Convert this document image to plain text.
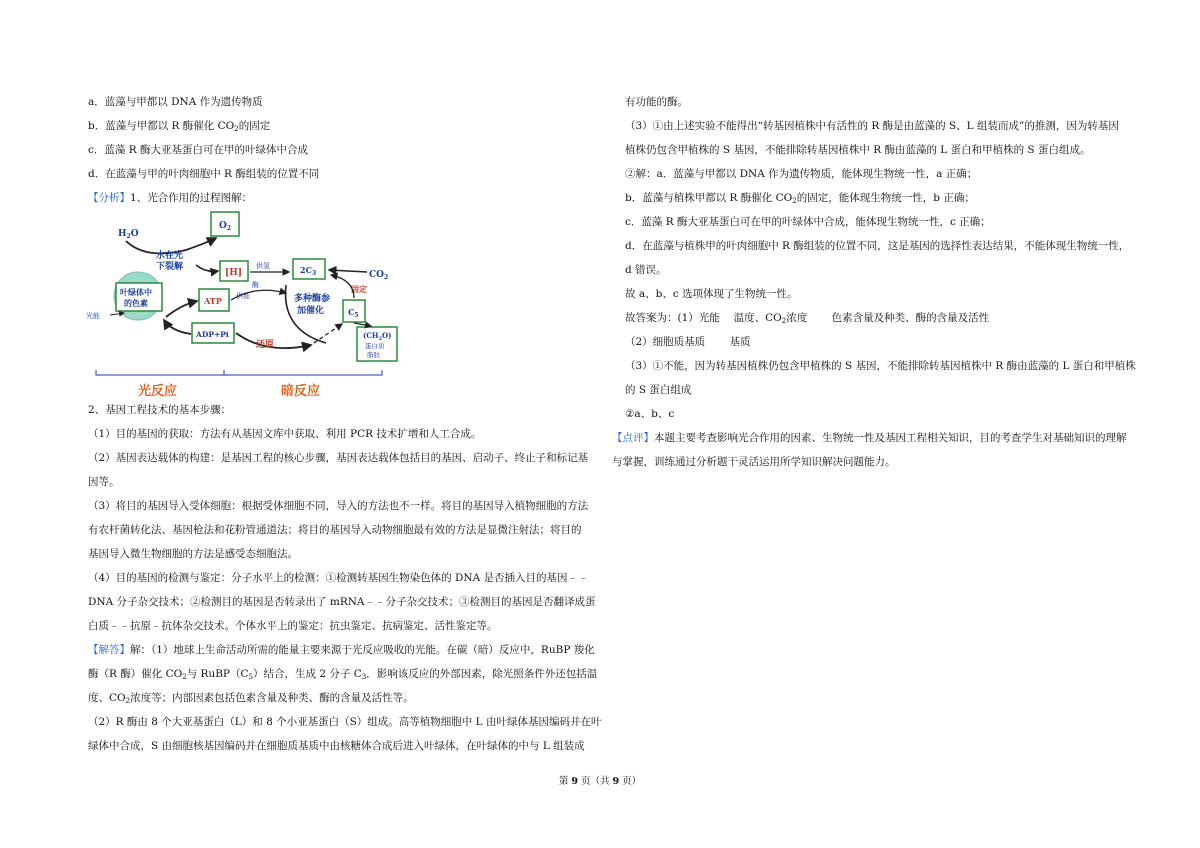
a．蓝藻与甲都以 DNA 作为遗传物质
b．蓝藻与甲都以 R 酶催化 $CO_2$的固定
c．蓝藻 R 酶大亚基蛋白可在甲的叶绿体中合成
d．在蓝藻与甲的叶肉细胞中 R 酶组装的位置不同
【分析】1、光合作用的过程图解：
$H_2O$
$O_2$
水在光
下裂解
[H]
供氢
酶
叶绿体中
的色素
光能
ATP 供能
ADP+Pi
还原
$2C_3$	$CO_2$
固定
$C_5$
多种酶参
加催化
$(CH_2O)$
蛋白质
脂肪
光反应	暗反应
2、基因工程技术的基本步骤：
（1）目的基因的获取：方法有从基因文库中获取、利用 PCR 技术扩增和人工合成。
（2）基因表达载体的构建：是基因工程的核心步骤，基因表达载体包括目的基因、启动子、终止子和标记基
因等。
（3）将目的基因导入受体细胞：根据受体细胞不同，导入的方法也不一样。将目的基因导入植物细胞的方法
有农杆菌转化法、基因枪法和花粉管通道法；将目的基因导入动物细胞最有效的方法是显微注射法；将目的
基因导入微生物细胞的方法是感受态细胞法。
（4）目的基因的检测与鉴定：分子水平上的检测：①检测转基因生物染色体的 DNA 是否插入目的基因﹣﹣
DNA 分子杂交技术；②检测目的基因是否转录出了 mRNA﹣﹣分子杂交技术；③检测目的基因是否翻译成蛋
白质﹣﹣抗原﹣抗体杂交技术。个体水平上的鉴定：抗虫鉴定、抗病鉴定、活性鉴定等。
【解答】解：（1）地球上生命活动所需的能量主要来源于光反应吸收的光能。在碳（暗）反应中，RuBP 羧化
酶（R 酶）催化 $CO_2$与 $RuBP(C_5)$结合，生成 2 分子 $C_3$．影响该反应的外部因素，除光照条件外还包括温
度、$CO_2$浓度等；内部因素包括色素含量及种类、酶的含量及活性等。
（2）R 酶由 8 个大亚基蛋白（L）和 8 个小亚基蛋白（S）组成。高等植物细胞中 L 由叶绿体基因编码并在叶
绿体中合成，S 由细胞核基因编码并在细胞质基质中由核糖体合成后进入叶绿体，在叶绿体的中与 L 组装成
有功能的酶。
（3）①由上述实验不能得出“转基因植株中有活性的 R 酶是由蓝藻的 S、L 组装而成”的推测，因为转基因
植株仍包含甲植株的 S 基因，不能排除转基因植株中 R 酶由蓝藻的 L 蛋白和甲植株的 S 蛋白组成。
②解：a．蓝藻与甲都以 DNA 作为遗传物质，能体现生物统一性，a 正确；
b．蓝藻与植株甲都以 R 酶催化 $CO_2$的固定，能体现生物统一性，b 正确；
c．蓝藻 R 酶大亚基蛋白可在甲的叶绿体中合成，能体现生物统一性，c 正确；
d．在蓝藻与植株甲的叶肉细胞中 R 酶组装的位置不同，这是基因的选择性表达结果，不能体现生物统一性，
d 错误。
故 a、b、c 选项体现了生物统一性。
故答案为：(1）光能　 温度、$CO_2$浓度　　 色素含量及种类、酶的含量及活性
（2）细胞质基质　　 基质
（3）①不能，因为转基因植株仍包含甲植株的 S 基因，不能排除转基因植株中 R 酶由蓝藻的 L 蛋白和甲植株
的 S 蛋白组成
②a、b、c
【点评】本题主要考查影响光合作用的因素、生物统一性及基因工程相关知识，目的考查学生对基础知识的理解
与掌握，训练通过分析题干灵活运用所学知识解决问题能力。
第 9 页（共 9 页）
